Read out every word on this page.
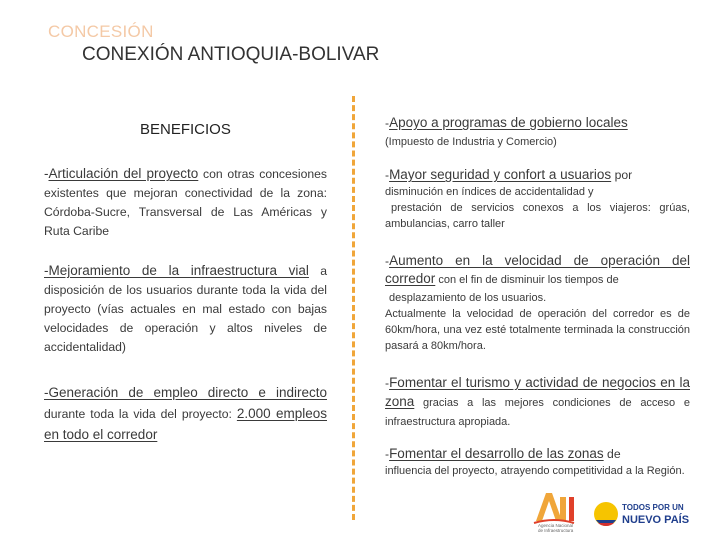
CONCESIÓN
CONEXIÓN ANTIOQUIA-BOLIVAR
BENEFICIOS

-Articulación del proyecto con otras concesiones existentes que mejoran conectividad de la zona: Córdoba-Sucre, Transversal de Las Américas y Ruta Caribe

-Mejoramiento de la infraestructura vial a disposición de los usuarios durante toda la vida del proyecto (vías actuales en mal estado con bajas velocidades de operación y altos niveles de accidentalidad)

-Generación de empleo directo e indirecto durante toda la vida del proyecto: 2.000 empleos en todo el corredor

-Apoyo a programas de gobierno locales

(Impuesto de Industria y Comercio)

-Mayor seguridad y confort a usuarios por

disminución en índices de accidentalidad y

prestación de servicios conexos a los viajeros: grúas, ambulancias, carro taller

-Aumento en la velocidad de operación del corredor con el fin de disminuir los tiempos de

desplazamiento de los usuarios.

Actualmente la velocidad de operación del corredor es de 60km/hora, una vez esté totalmente terminada la construcción pasará a 80km/hora.

-Fomentar el turismo y actividad de negocios en la zona gracias a las mejores condiciones de acceso e infraestructura apropiada.

-Fomentar el desarrollo de las zonas de

influencia del proyecto, atrayendo competitividad a la Región.

Agencia Nacional de Infraestructura
TODOS POR UN
NUEVO PAÍS
